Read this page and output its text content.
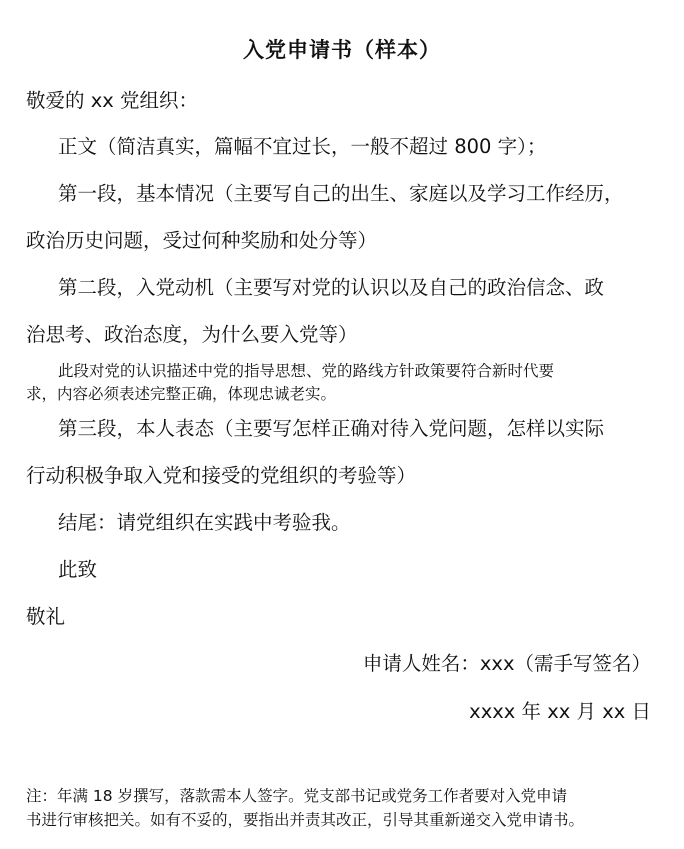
入党申请书（样本）
敬爱的 xx 党组织：
正文（简洁真实，篇幅不宜过长，一般不超过 800 字）；
第一段，基本情况（主要写自己的出生、家庭以及学习工作经历，
政治历史问题，受过何种奖励和处分等）
第二段，入党动机（主要写对党的认识以及自己的政治信念、政
治思考、政治态度，为什么要入党等）
此段对党的认识描述中党的指导思想、党的路线方针政策要符合新时代要
求，内容必须表述完整正确，体现忠诚老实。
第三段，本人表态（主要写怎样正确对待入党问题，怎样以实际
行动积极争取入党和接受的党组织的考验等）
结尾：请党组织在实践中考验我。
此致
敬礼
申请人姓名：xxx（需手写签名）
xxxx 年 xx 月 xx 日
注：年满 18 岁撰写，落款需本人签字。党支部书记或党务工作者要对入党申请
书进行审核把关。如有不妥的，要指出并责其改正，引导其重新递交入党申请书。
